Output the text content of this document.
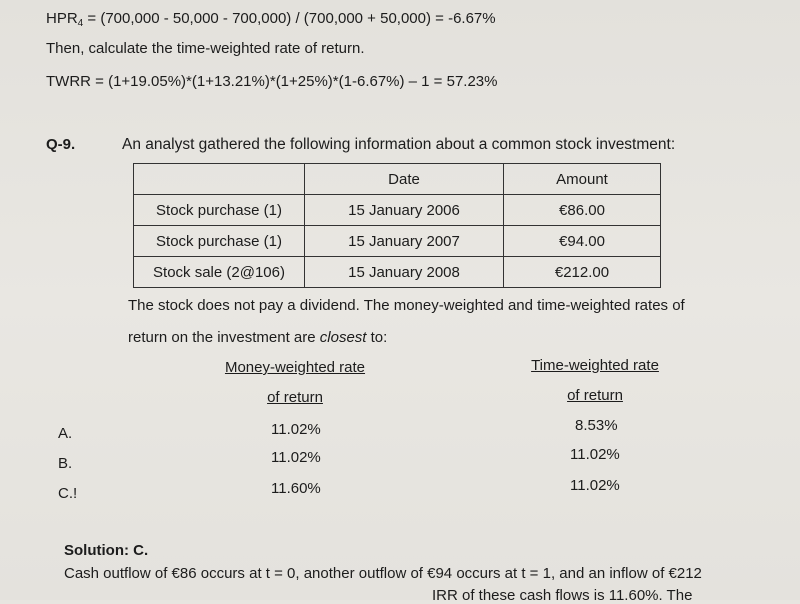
$HPR_4 = (700,000 - 50,000 - 700,000) / (700,000 + 50,000) = -6.67\%$
Then, calculate the time-weighted rate of return.
TWRR = (1+19.05%)*(1+13.21%)*(1+25%)*(1-6.67%) – 1 = 57.23%
Q-9.	An analyst gathered the following information about a common stock investment:
	Date	Amount
Stock purchase (1)	15 January 2006	€86.00
Stock purchase (1)	15 January 2007	€94.00
Stock sale (2@106)	15 January 2008	€212.00
The stock does not pay a dividend. The money-weighted and time-weighted rates of
return on the investment are closest to:
Money-weighted rate
of return
Time-weighted rate
of return
A.	11.02%	8.53%
B.	11.02%	11.02%
C.!	11.60%	11.02%
Solution: C.
Cash outflow of €86 occurs at t = 0, another outflow of €94 occurs at t = 1, and an inflow of €212
IRR of these cash flows is 11.60%. The
